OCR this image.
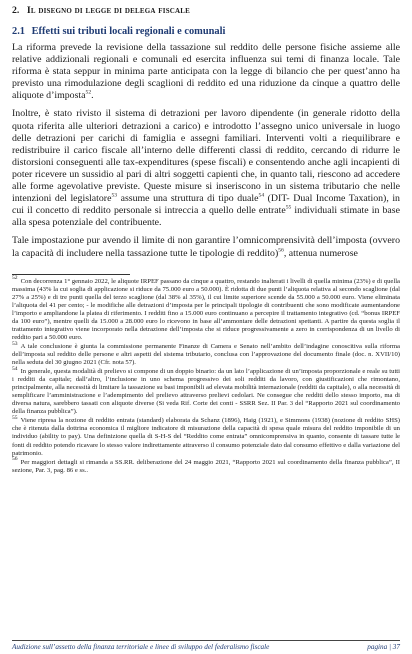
2. Il disegno di legge di delega fiscale
2.1 Effetti sui tributi locali regionali e comunali

La riforma prevede la revisione della tassazione sul reddito delle persone fisiche assieme alle relative addizionali regionali e comunali ed esercita influenza sui temi di finanza locale. Tale riforma è stata seppur in minima parte anticipata con la legge di bilancio che per quest’anno ha previsto una rimodulazione degli scaglioni di reddito ed una riduzione da cinque a quattro delle aliquote d’imposta$^{52}$.

Inoltre, è stato rivisto il sistema di detrazioni per lavoro dipendente (in generale ridotto della quota riferita alle ulteriori detrazioni a carico) e introdotto l’assegno unico universale in luogo delle detrazioni per carichi di famiglia e assegni familiari. Interventi volti a riequilibrare e redistribuire il carico fiscale all’interno delle differenti classi di reddito, cercando di ridurre le distorsioni conseguenti alle tax-expenditures (spese fiscali) e consentendo anche agli incapienti di poter ricevere un sussidio al pari di altri soggetti capienti che, in quanto tali, riescono ad accedere alle forme agevolative previste. Queste misure si inseriscono in un sistema tributario che nelle intenzioni del legislatore$^{53}$ assume una struttura di tipo duale$^{54}$ (DIT- Dual Income Taxation), in cui il concetto di reddito personale si intreccia a quello delle entrate$^{55}$ individuali stimate in base alla spesa potenziale del contribuente.

Tale impostazione pur avendo il limite di non garantire l’omnicomprensività dell’imposta (ovvero la capacità di includere nella tassazione tutte le tipologie di reddito)$^{56}$, attenua numerose

$^{52}$ Con decorrenza 1° gennaio 2022, le aliquote IRPEF passano da cinque a quattro, restando inalterati i livelli di quella minima (23%) e di quella massima (43% la cui soglia di applicazione si riduce da 75.000 euro a 50.000). È ridotta di due punti l’aliquota relativa al secondo scaglione (dal 27% a 25%) e di tre punti quella del terzo scaglione (dal 38% al 35%), il cui limite superiore scende da 55.000 a 50.000 euro. Viene eliminata l’aliquota del 41 per cento; - le modifiche alle detrazioni d’imposta per le principali tipologie di contribuenti che sono modificate aumentandone l’importo e ampliandone la platea di riferimento. I redditi fino a 15.000 euro continuano a percepire il trattamento integrativo (cd. “bonus IRPEF da 100 euro”), mentre quelli da 15.000 a 28.000 euro lo ricevono in base all’ammontare delle detrazioni spettanti. A partire da questa soglia il trattamento integrativo viene incorporato nella detrazione dell’imposta che si riduce progressivamente a zero in corrispondenza di un livello di reddito pari a 50.000 euro.

$^{53}$ A tale conclusione è giunta la commissione permanente Finanze di Camera e Senato nell’ambito dell’indagine conoscitiva sulla riforma dell’imposta sul reddito delle persone e altri aspetti del sistema tributario, conclusa con l’approvazione del documento finale (doc. n. XVII/10) nella seduta del 30 giugno 2021 (Cfr. nota 57).

$^{54}$ In generale, questa modalità di prelievo si compone di un doppio binario: da un lato l’applicazione di un’imposta proporzionale e reale su tutti i redditi da capitale; dall’altro, l’inclusione in uno schema progressivo dei soli redditi da lavoro, con giustificazioni che rimontano, principalmente, alla necessità di limitare la tassazione su basi imponibili ad elevata mobilità internazionale (redditi da capitale), o alla necessità di semplificare l’amministrazione e l’adempimento del prelievo attraverso prelievi cedolari. Ne consegue che redditi dello stesso importo, ma di diversa natura, sarebbero tassati con aliquote diverse (Si veda Rif. Corte dei conti - SSRR Sez. II Par. 3 del “Rapporto 2021 sul coordinamento della finanza pubblica”).

$^{55}$ Viene ripresa la nozione di reddito entrata (standard) elaborata da Schanz (1896), Haig (1921), e Simmons (1938) (nozione di reddito SHS) che è ritenuta dalla dottrina economica il migliore indicatore di misurazione della capacità di spesa quale misura del reddito imponibile di un individuo (ability to pay). Una definizione quella di S-H-S del “Reddito come entrata” omnicomprensiva in quanto, consente di tassare tutte le fonti di reddito potendo ricavare lo stesso valore indirettamente attraverso il consumo potenziale dato dal consumo effettivo e dalla variazione del patrimonio.

$^{56}$ Per maggiori dettagli si rimanda a SS.RR. deliberazione del 24 maggio 2021, “Rapporto 2021 sul coordinamento della finanza pubblica”, II sezione, Par. 3, pag. 86 e ss..

Audizione sull’assetto della finanza territoriale e linee di sviluppo del federalismo fiscale	pagina | 37
